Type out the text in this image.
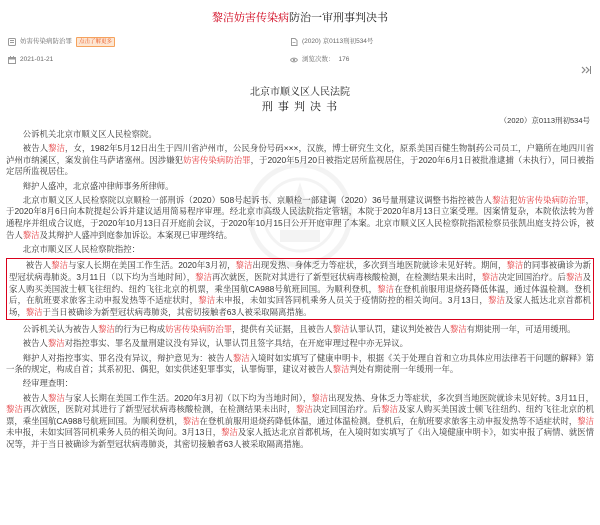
黎洁妨害传染病防治一审刑事判决书
妨害传染病防治罪	点击了解更多	(2020) 京0113刑初534号
2021-01-21	浏览次数： 176
北京市顺义区人民法院
刑 事 判 决 书
（2020）京0113刑初534号

公诉机关北京市顺义区人民检察院。

被告人黎洁，女，1982年5月12日出生于四川省泸州市，公民身份号码×××，汉族，博士研究生文化，原系美国百健生物制药公司员工，户籍所在地四川省泸州市纳溪区，案发前住马萨诸塞州。因涉嫌犯妨害传染病防治罪，于2020年5月20日被指定居所监视居住，于2020年6月1日被批准逮捕（未执行），同日被指定居所监视居住。

辩护人盛冲，北京盛冲律师事务所律师。

北京市顺义区人民检察院以京顺检一部刑诉（2020）508号起诉书、京顺检一部建调（2020）36号量刑建议调整书指控被告人黎洁犯妨害传染病防治罪，于2020年8月6日向本院提起公诉并建议适用简易程序审理。经北京市高级人民法院指定管辖，本院于2020年8月13日立案受理。因案情复杂，本院依法转为普通程序并组成合议庭，于2020年10月13日召开庭前会议，于2020年10月15日公开开庭审理了本案。北京市顺义区人民检察院指派检察员张凯出庭支持公诉，被告人黎洁及其辩护人盛冲到庭参加诉讼。本案现已审理终结。

北京市顺义区人民检察院指控：

被告人黎洁与家人长期在美国工作生活。2020年3月初，黎洁出现发热、身体乏力等症状，多次到当地医院就诊未见好转。期间，黎洁的同事被确诊为新型冠状病毒肺炎。3月11日（以下均为当地时间），黎洁再次就医，医院对其进行了新型冠状病毒核酸检测，在检测结果未出时，黎洁决定回国治疗。后黎洁及家人购买美国波士顿飞往纽约、纽约飞往北京的机票，乘坐国航CA988号航班回国。为顺利登机，黎洁在登机前服用退烧药降低体温，通过体温检测。登机后，在航班要求旅客主动申报发热等不适症状时，黎洁未申报，未如实回答同机乘务人员关于疫情防控的相关询问。3月13日，黎洁及家人抵达北京首都机场，黎洁于当日被确诊为新型冠状病毒肺炎，其密切接触者63人被采取隔离措施。

公诉机关认为被告人黎洁的行为已构成妨害传染病防治罪，提供有关证据，且被告人黎洁认罪认罚，建议判处被告人黎洁有期徒刑一年，可适用缓刑。

被告人黎洁对指控事实、罪名及量刑建议没有异议，认罪认罚且签字具结，在开庭审理过程中亦无异议。

辩护人对指控事实、罪名没有异议，辩护意见为：被告人黎洁入境时如实填写了健康申明卡，根据《关于处理自首和立功具体应用法律若干问题的解释》第一条的规定，构成自首；其系初犯、偶犯，如实供述犯罪事实，认罪悔罪，建议对被告人黎洁判处有期徒刑一年缓刑一年。

经审理查明：

被告人黎洁与家人长期在美国工作生活。2020年3月初（以下均为当地时间），黎洁出现发热、身体乏力等症状，多次到当地医院就诊未见好转。3月11日，黎洁再次就医，医院对其进行了新型冠状病毒核酸检测，在检测结果未出时，黎洁决定回国治疗。后黎洁及家人购买美国波士顿飞往纽约、纽约飞往北京的机票，乘坐国航CA988号航班回国。为顺利登机，黎洁在登机前服用退烧药降低体温，通过体温检测。登机后，在航班要求旅客主动申报发热等不适症状时，黎洁未申报，未如实回答同机乘务人员的相关询问。3月13日，黎洁及家人抵达北京首都机场，在入境时如实填写了《出入境健康申明卡》，如实申报了病情、就医情况等，并于当日被确诊为新型冠状病毒肺炎，其密切接触者63人被采取隔离措施。
